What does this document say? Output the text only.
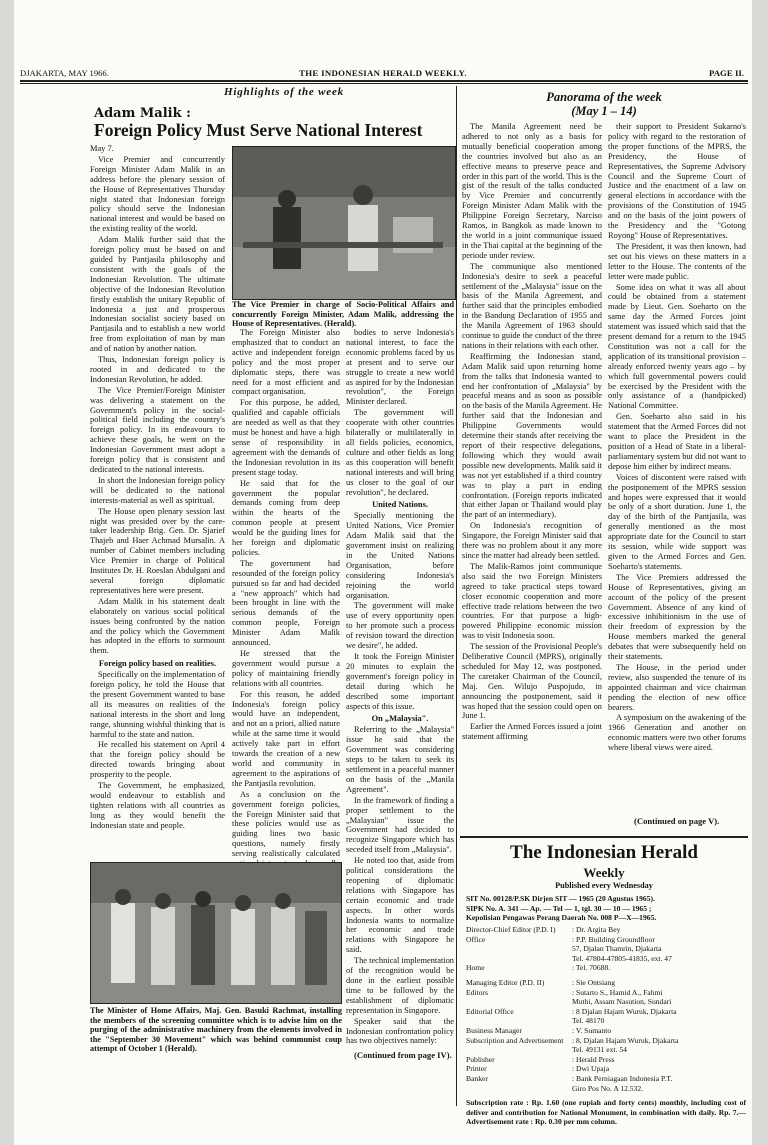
DJAKARTA, MAY 1966.	THE INDONESIAN HERALD WEEKLY.	PAGE II.
Highlights of the week
Adam Malik :
Foreign Policy Must Serve National Interest

May 7.

Vice Premier and concurrently Foreign Minister Adam Malik in an address before the plenary session of the House of Representatives Thursday night stated that Indonesian foreign policy should serve the Indonesian national interest and would be based on the existing reality of the world.

Adam Malik further said that the foreign policy must be based on and guided by Pantjasila philosophy and consistent with the goals of the Indonesian Revolution. The ultimate objective of the Indonesian Revolution firstly establish the unitary Republic of Indonesia a just and prosperous Indonesian socialist society based on Pantjasila and to establish a new world free from exploitation of man by man and of nation by another nation.

Thus, Indonesian foreign policy is rooted in and dedicated to the Indonesian Revolution, he added.

The Vice Premier/Foreign Minister was delivering a statement on the Government's policy in the social-political field including the country's foreign policy. In its endeavours to achieve these goals, he went on the Indonesian Government must adopt a foreign policy that is consistent and dedicated to the national interests.

In short the Indonesian foreign policy will be dedicated to the national interests-material as well as spiritual.

The House open plenary session last night was presided over by the care-taker leadership Brig. Gen. Dr. Sjarief Thajeb and Haer Achmad Mursalin. A number of Cabinet members including Vice Premier in charge of Political Institutes Dr. H. Roeslan Abdulgani and several foreign diplomatic representatives here were present.

Adam Malik in his statement dealt elaborately on various social political issues being confronted by the nation and the policy which the Government has adopted in the efforts to surmount them.

Foreign policy based on realities.

Specifically on the implementation of foreign policy, he told the House that the present Government wanted to base all its measures on realities of the national interests in the short and long range, shunning wishful thinking that is harmful to the state and nation.

He recalled his statement on April 4 that the foreign policy should be directed towards bringing about prosperity to the people.

The Government, he emphasized, would endeavour to establish and tighten relations with all countries as long as they would benefit the Indonesian state and people.

The Vice Premier in charge of Socio-Political Affairs and concurrently Foreign Minister, Adam Malik, addressing the House of Representatives. (Herald).

The Foreign Minister also emphasized that to conduct an active and independent foreign policy and the most proper diplomatic steps, there was need for a most efficient and compact organisation.

For this purpose, he added, qualified and capable officials are needed as well as that they must be honest and have a high sense of responsibility in agreement with the demands of the Indonesian revolution in its present stage today.

He said that for the government the popular demands coming from deep within the hearts of the common people at present would be the guiding lines for her foreign and diplomatic policies.

The government had resounded of the foreign policy pursued so far and had decided a "new approach" which had been brought in line with the serious demands of the common people, Foreign Minister Adam Malik announced.

He stressed that the government would pursue a policy of maintaining friendly relations with all countries.

For this reason, he added Indonesia's foreign policy would have an independent, and not an a priori, allied nature while at the same time it would actively take part in effort towards the creation of a new world and community in agreement to the aspirations of the Pantjasila revolution.

As a conclusion on the government foreign policies, the Foreign Minister said that these policies would use as guiding lines two basic questions, namely firstly serving realistically calculated

bodies to serve Indonesia's national interest, to face the economic problems faced by us at present and to serve our struggle to create a new world as aspired for by the Indonesian revolution", the Foreign Minister declared.

The government will cooperate with other countries bilaterally or multilaterally in all fields policies, economics, culture and other fields as long as this cooperation will benefit national interests and will bring us closer to the goal of our revolution", he declared.

United Nations.

Specially mentioning the United Nations, Vice Premier Adam Malik said that the government insist on realizing in the United Nations Organisation, before considering Indonesia's rejoining the world organisation.

The government will make use of every opportunity open to her promote such a process of revision toward the direction we desire", he added.

It took the Foreign Minister 20 minutes to explain the government's foreign policy in detail during which he described some important aspects of this issue.

On „Malaysia".

Referring to the „Malaysia" issue he said that the Government was considering steps to be taken to seek its settlement in a peaceful manner on the basis of the „Manila Agreement".

In the framework of finding a proper settlement to the „Malaysian" issue the Government had decided to recognize Singapore which has seceded itself from „Malaysia".

He noted too that, aside from political considerations the reopening of diplomatic relations with Singapore has certain economic and trade aspects. In other words Indonesia wants to normalize her economic and trade relations with Singapore he said.

The technical implementation of the recognition would be done in the earliest possible time to be followed by the establishment of diplomatic representation in Singapore.

Speaker said that the Indonesian confrontation policy has two objectives namely:

(Continued from page IV).
The Minister of Home Affairs, Maj. Gen. Basuki Rachmat, installing the members of the screening committee which is to advise him on the purging of the administrative machinery from the elements involved in the "September 30 Movement" which was behind communist coup attempt of October 1 (Herald).
Panorama of the week
(May 1 – 14)

The Manila Agreement need be adhered to not only as a basis for mutually beneficial cooperation among the countries involved but also as an effective means to preserve peace and order in this part of the world. This is the gist of the result of the talks conducted by Vice Premier and concurrently Foreign Minister Adam Malik with the Philippine Foreign Secretary, Narciso Ramos, in Bangkok as made known to the world in a joint communique issued in the Thai capital at the beginning of the periode under review.

The communique also mentioned Indonesia's desire to seek a peaceful settlement of the „Malaysia" issue on the basis of the Manila Agreement, and further said that the principles embodied in the Bandung Declaration of 1955 and the Manila Agreement of 1963 should continue to guide the conduct of the three nations in their relations with each other.

Reaffirming the Indonesian stand, Adam Malik said upon returning home from the talks that Indonesia wanted to end her confrontation of „Malaysia" by peaceful means and as soon as possible on the basis of the Manila Agreement. He further said that the Indonesian and Philippine Governments would determine their stands after receiving the report of their respective delegations, following which they would await possible new developments. Malik said it was not yet established if a third country was to play a part in ending confrontation. (Foreign reports indicated that either Japan or Thailand would play the part of an intermediary).

On Indonesia's recognition of Singapore, the Foreign Minister said that there was no problem about it any more since the matter had already been settled.

The Malik-Ramos joint communique also said the two Foreign Ministers agreed to take practical steps toward closer economic cooperation and more effective trade relations between the two countries. For that purpose a high-powered Philippine economic mission was to visit Indonesia soon.

The session of the Provisional People's Deliberative Council (MPRS), originally scheduled for May 12, was postponed. The caretaker Chairman of the Council, Maj. Gen. Wilujo Puspojudo, in announcing the postponement, said it was hoped that the session could open on June 1.

Earlier the Armed Forces issued a joint statement affirming

their support to President Sukarno's policy with regard to the restoration of the proper functions of the MPRS, the Presidency, the House of Representatives, the Supreme Advisory Council and the Supreme Court of Justice and the enactment of a law on general elections in accordance with the provisions of the Constitution of 1945 and on the basis of the joint powers of the Presidency and the "Gotong Royong" House of Representatives.

The President, it was then known, had set out his views on these matters in a letter to the House. The contents of the letter were made public.

Some idea on what it was all about could be obtained from a statement made by Lieut. Gen. Soeharto on the same day the Armed Forces joint statement was issued which said that the present demand for a return to the 1945 Constitution was not a call for the application of its transitional provision – already enforced twenty years ago – by which full governmental powers could be exercised by the President with the only assistance of a (handpicked) National Committee.

Gen. Soeharto also said in his statement that the Armed Forces did not want to place the President in the position of a Head of State in a liberal-parliamentary system but did not want to depose him either by indirect means.

Voices of discontent were raised with the postponement of the MPRS session and hopes were expressed that it would be only of a short duration. June 1, the day of the birth of the Pantjasila, was generally mentioned as the most appropriate date for the Council to start its session, while wide support was given to the Armed Forces and Gen. Soeharto's statements.

The Vice Premiers addressed the House of Representatives, giving an account of the policy of the present Government. Absence of any kind of excessive inhibitionism in the use of their freedom of expression by the House members marked the general debates that were subsequently held on their statements.

The House, in the period under review, also suspended the tenure of its appointed chairman and vice chairman pending the election of new office bearers.

A symposium on the awakening of the 1966 Generation and another on economic matters were two other forums where liberal views were aired.

(Continued on page V).
The Indonesian Herald
Weekly
Published every Wednesday
SIT No. 00128/P.SK Dirjen SIT — 1965 (20 Agustus 1965).
SIPK No. A. 341 — Ap. — Tel — 1, tgl. 30 — 10 — 1965 ;
Kepolisian Pengawas Perang Daerah No. 008 P—X—1965.
Director-Chief Editor (P.D. I)	: Dr. Argita Bey
Office	: P.P. Building Groundfloor
57, Djalan Thamrin, Djakarta
Tel. 47804-47805-41835, ext. 47
Home	: Tel. 70688.
Managing Editor (P.D. II)	: Sie Ontsiang
Editors	: Sutarto S., Hamid A., Fahmi
Muthi, Assam Nasution, Sundari
Editorial Office	: 8 Djalan Hajam Wuruk, Djakarta
Tel. 48170
Business Manager	: V. Sumanto
Subscription and Advertisement	: 8, Djalan Hajam Wuruk, Djakarta
Tel. 49131 ext. 54
Publisher	: Herald Press
Printer	: Dwi Upaja
Banker	: Bank Perniagaan Indonesia P.T.
Giro Pos No. A 12.532.
Subscription rate : Rp. 1.60 (one rupiah and forty cents) monthly, including cost of deliver and contribution for National Monument, in combination with daily. Rp. 7.— Advertisement rate : Rp. 0.30 per mm column.
